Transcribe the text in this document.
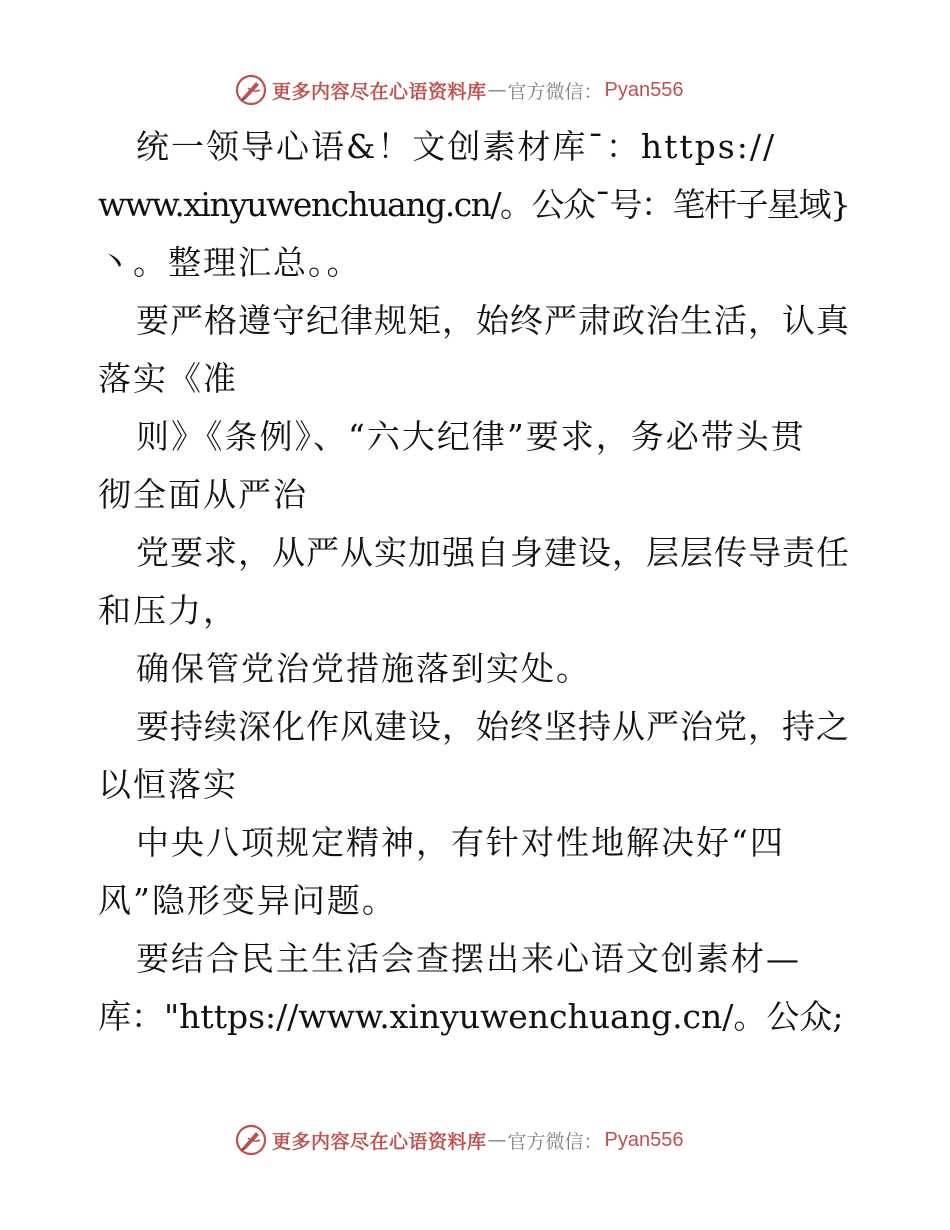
更多内容尽在心语资料库 — 官方微信： Pyan556
统一领导心语&！文创素材库¯：https://
www.xinyuwenchuang.cn/。公众¯号：笔杆子星域}
丶。整理汇总。。
要严格遵守纪律规矩，始终严肃政治生活，认真
落实《准
则》《条例》、“六大纪律”要求，务必带头贯
彻全面从严治
党要求，从严从实加强自身建设，层层传导责任
和压力，
确保管党治党措施落到实处。
要持续深化作风建设，始终坚持从严治党，持之
以恒落实
中央八项规定精神，有针对性地解决好“四
风”隐形变异问题。
要结合民主生活会查摆出来心语文创素材—
库："https://www.xinyuwenchuang.cn/。公众;
更多内容尽在心语资料库 — 官方微信： Pyan556
